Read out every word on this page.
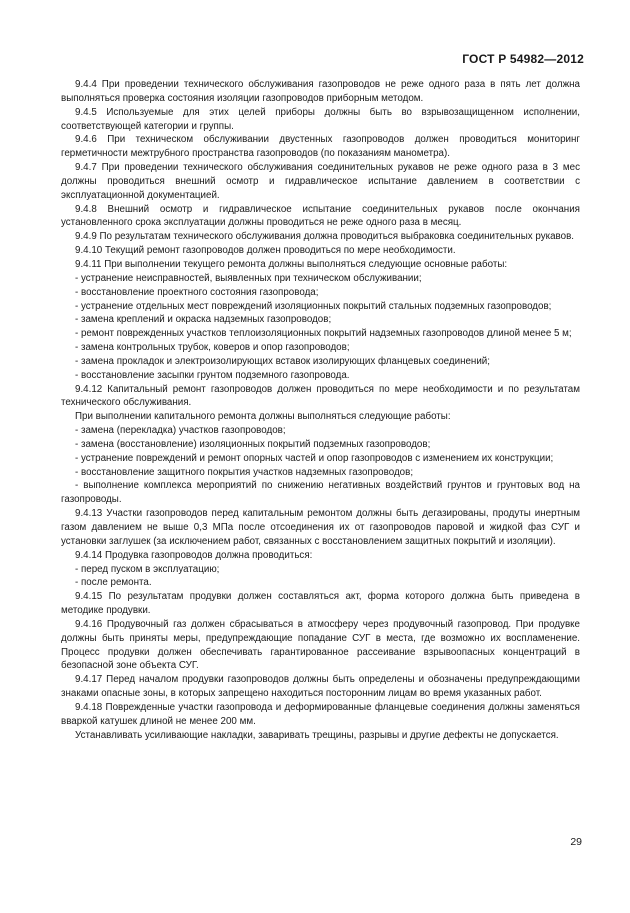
ГОСТ Р 54982—2012

9.4.4 При проведении технического обслуживания газопроводов не реже одного раза в пять лет должна выполняться проверка состояния изоляции газопроводов приборным методом.

9.4.5 Используемые для этих целей приборы должны быть во взрывозащищенном исполнении, соответствующей категории и группы.

9.4.6 При техническом обслуживании двустенных газопроводов должен проводиться мониторинг герметичности межтрубного пространства газопроводов (по показаниям манометра).

9.4.7 При проведении технического обслуживания соединительных рукавов не реже одного раза в 3 мес должны проводиться внешний осмотр и гидравлическое испытание давлением в соответствии с эксплуатационной документацией.

9.4.8 Внешний осмотр и гидравлическое испытание соединительных рукавов после окончания установленного срока эксплуатации должны проводиться не реже одного раза в месяц.

9.4.9 По результатам технического обслуживания должна проводиться выбраковка соединительных рукавов.

9.4.10 Текущий ремонт газопроводов должен проводиться по мере необходимости.

9.4.11 При выполнении текущего ремонта должны выполняться следующие основные работы:

- устранение неисправностей, выявленных при техническом обслуживании;

- восстановление проектного состояния газопровода;

- устранение отдельных мест повреждений изоляционных покрытий стальных подземных газопроводов;

- замена креплений и окраска надземных газопроводов;

- ремонт поврежденных участков теплоизоляционных покрытий надземных газопроводов длиной менее 5 м;

- замена контрольных трубок, коверов и опор газопроводов;

- замена прокладок и электроизолирующих вставок изолирующих фланцевых соединений;

- восстановление засыпки грунтом подземного газопровода.

9.4.12 Капитальный ремонт газопроводов должен проводиться по мере необходимости и по результатам технического обслуживания.

При выполнении капитального ремонта должны выполняться следующие работы:

- замена (перекладка) участков газопроводов;

- замена (восстановление) изоляционных покрытий подземных газопроводов;

- устранение повреждений и ремонт опорных частей и опор газопроводов с изменением их конструкции;

- восстановление защитного покрытия участков надземных газопроводов;

- выполнение комплекса мероприятий по снижению негативных воздействий грунтов и грунтовых вод на газопроводы.

9.4.13 Участки газопроводов перед капитальным ремонтом должны быть дегазированы, продуты инертным газом давлением не выше 0,3 МПа после отсоединения их от газопроводов паровой и жидкой фаз СУГ и установки заглушек (за исключением работ, связанных с восстановлением защитных покрытий и изоляции).

9.4.14 Продувка газопроводов должна проводиться:

- перед пуском в эксплуатацию;

- после ремонта.

9.4.15 По результатам продувки должен составляться акт, форма которого должна быть приведена в методике продувки.

9.4.16 Продувочный газ должен сбрасываться в атмосферу через продувочный газопровод. При продувке должны быть приняты меры, предупреждающие попадание СУГ в места, где возможно их воспламенение. Процесс продувки должен обеспечивать гарантированное рассеивание взрывоопасных концентраций в безопасной зоне объекта СУГ.

9.4.17 Перед началом продувки газопроводов должны быть определены и обозначены предупреждающими знаками опасные зоны, в которых запрещено находиться посторонним лицам во время указанных работ.

9.4.18 Поврежденные участки газопровода и деформированные фланцевые соединения должны заменяться вваркой катушек длиной не менее 200 мм.

Устанавливать усиливающие накладки, заваривать трещины, разрывы и другие дефекты не допускается.

29
